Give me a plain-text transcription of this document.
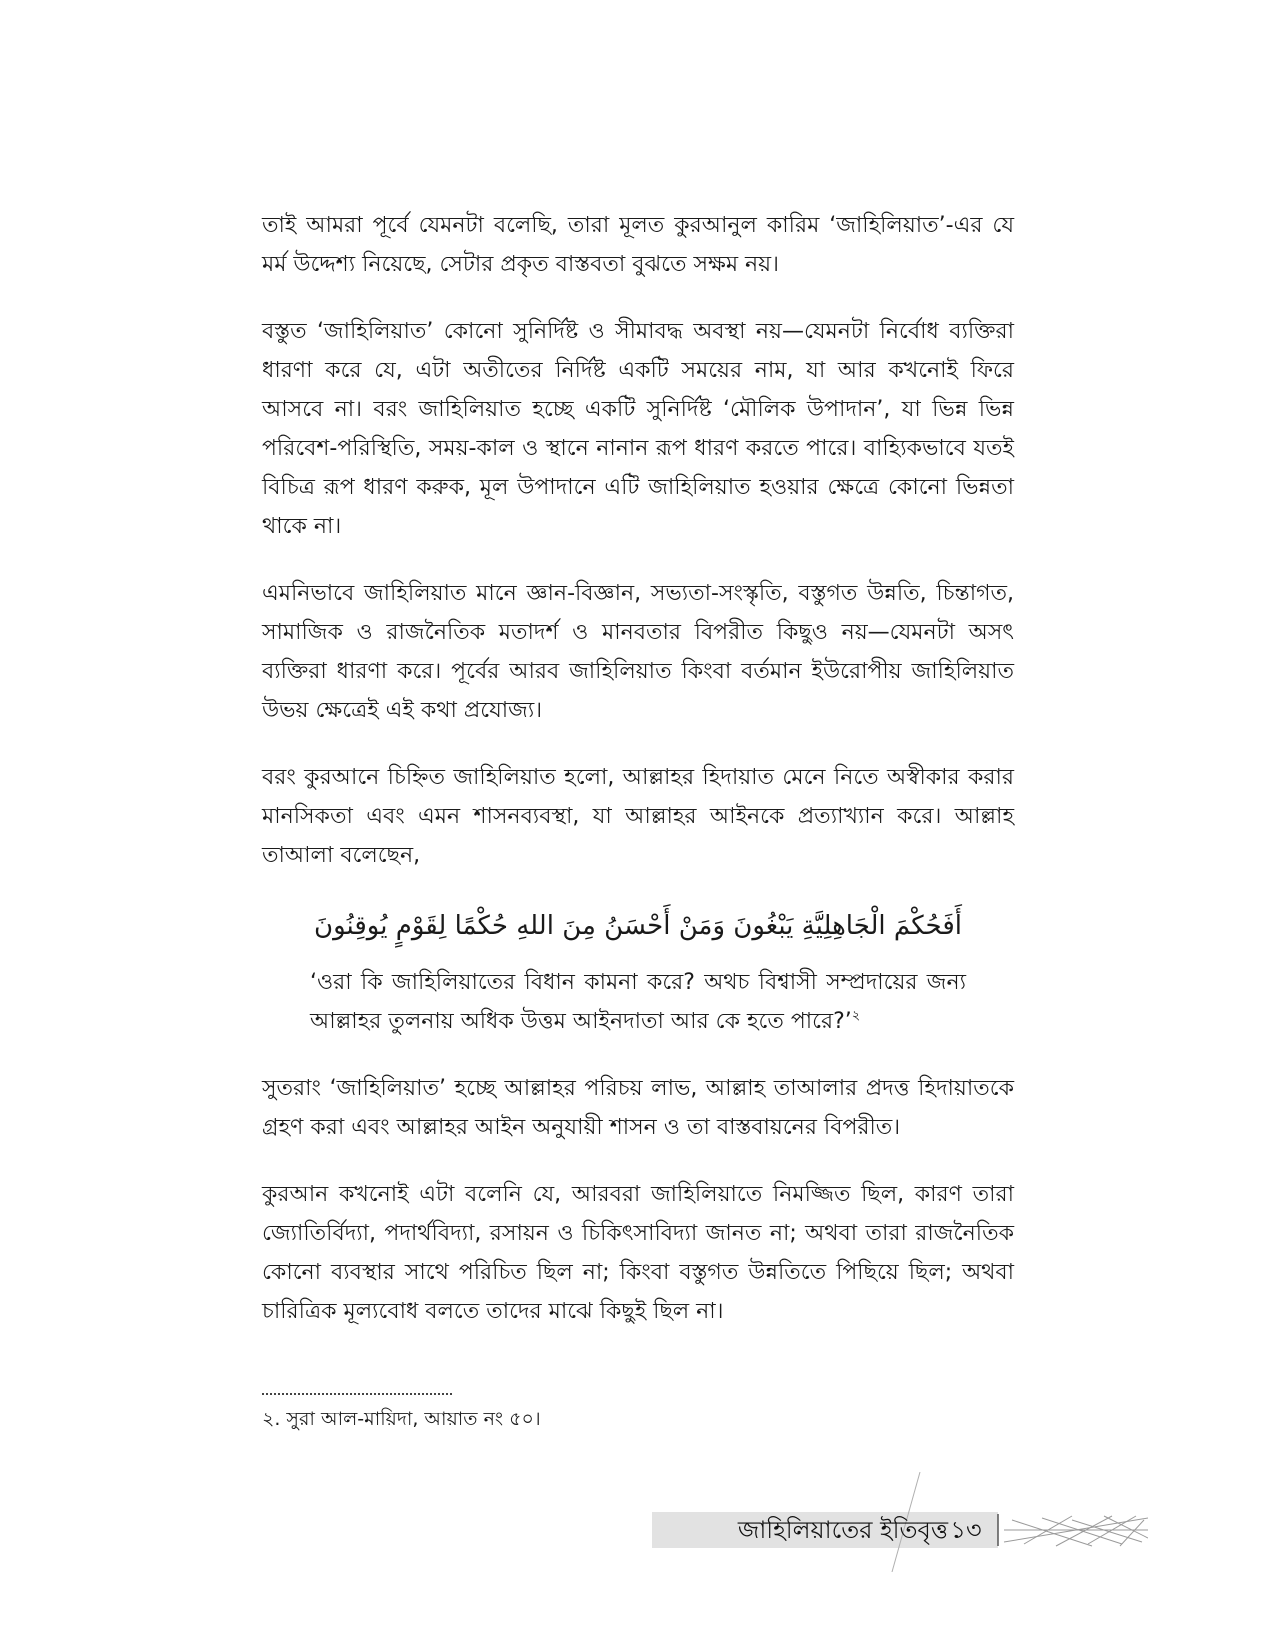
তাই আমরা পূর্বে যেমনটা বলেছি, তারা মূলত কুরআনুল কারিম ‘জাহিলিয়াত’-এর যে মর্ম উদ্দেশ্য নিয়েছে, সেটার প্রকৃত বাস্তবতা বুঝতে সক্ষম নয়।

বস্তুত ‘জাহিলিয়াত’ কোনো সুনির্দিষ্ট ও সীমাবদ্ধ অবস্থা নয়—যেমনটা নির্বোধ ব্যক্তিরা ধারণা করে যে, এটা অতীতের নির্দিষ্ট একটি সময়ের নাম, যা আর কখনোই ফিরে আসবে না। বরং জাহিলিয়াত হচ্ছে একটি সুনির্দিষ্ট ‘মৌলিক উপাদান’, যা ভিন্ন ভিন্ন পরিবেশ-পরিস্থিতি, সময়-কাল ও স্থানে নানান রূপ ধারণ করতে পারে। বাহ্যিকভাবে যতই বিচিত্র রূপ ধারণ করুক, মূল উপাদানে এটি জাহিলিয়াত হওয়ার ক্ষেত্রে কোনো ভিন্নতা থাকে না।

এমনিভাবে জাহিলিয়াত মানে জ্ঞান-বিজ্ঞান, সভ্যতা-সংস্কৃতি, বস্তুগত উন্নতি, চিন্তাগত, সামাজিক ও রাজনৈতিক মতাদর্শ ও মানবতার বিপরীত কিছুও নয়—যেমনটা অসৎ ব্যক্তিরা ধারণা করে। পূর্বের আরব জাহিলিয়াত কিংবা বর্তমান ইউরোপীয় জাহিলিয়াত উভয় ক্ষেত্রেই এই কথা প্রযোজ্য।

বরং কুরআনে চিহ্নিত জাহিলিয়াত হলো, আল্লাহর হিদায়াত মেনে নিতে অস্বীকার করার মানসিকতা এবং এমন শাসনব্যবস্থা, যা আল্লাহর আইনকে প্রত্যাখ্যান করে। আল্লাহ তাআলা বলেছেন,

أَفَحُكْمَ الْجَاهِلِيَّةِ يَبْغُونَ وَمَنْ أَحْسَنُ مِنَ اللهِ حُكْمًا لِقَوْمٍ يُوقِنُونَ

‘ওরা কি জাহিলিয়াতের বিধান কামনা করে? অথচ বিশ্বাসী সম্প্রদায়ের জন্য আল্লাহর তুলনায় অধিক উত্তম আইনদাতা আর কে হতে পারে?’$^২$

সুতরাং ‘জাহিলিয়াত’ হচ্ছে আল্লাহর পরিচয় লাভ, আল্লাহ তাআলার প্রদত্ত হিদায়াতকে গ্রহণ করা এবং আল্লাহর আইন অনুযায়ী শাসন ও তা বাস্তবায়নের বিপরীত।

কুরআন কখনোই এটা বলেনি যে, আরবরা জাহিলিয়াতে নিমজ্জিত ছিল, কারণ তারা জ্যোতির্বিদ্যা, পদার্থবিদ্যা, রসায়ন ও চিকিৎসাবিদ্যা জানত না; অথবা তারা রাজনৈতিক কোনো ব্যবস্থার সাথে পরিচিত ছিল না; কিংবা বস্তুগত উন্নতিতে পিছিয়ে ছিল; অথবা চারিত্রিক মূল্যবোধ বলতে তাদের মাঝে কিছুই ছিল না।

২. সুরা আল-মায়িদা, আয়াত নং ৫০।
জাহিলিয়াতের ইতিবৃত্ত ১৩
